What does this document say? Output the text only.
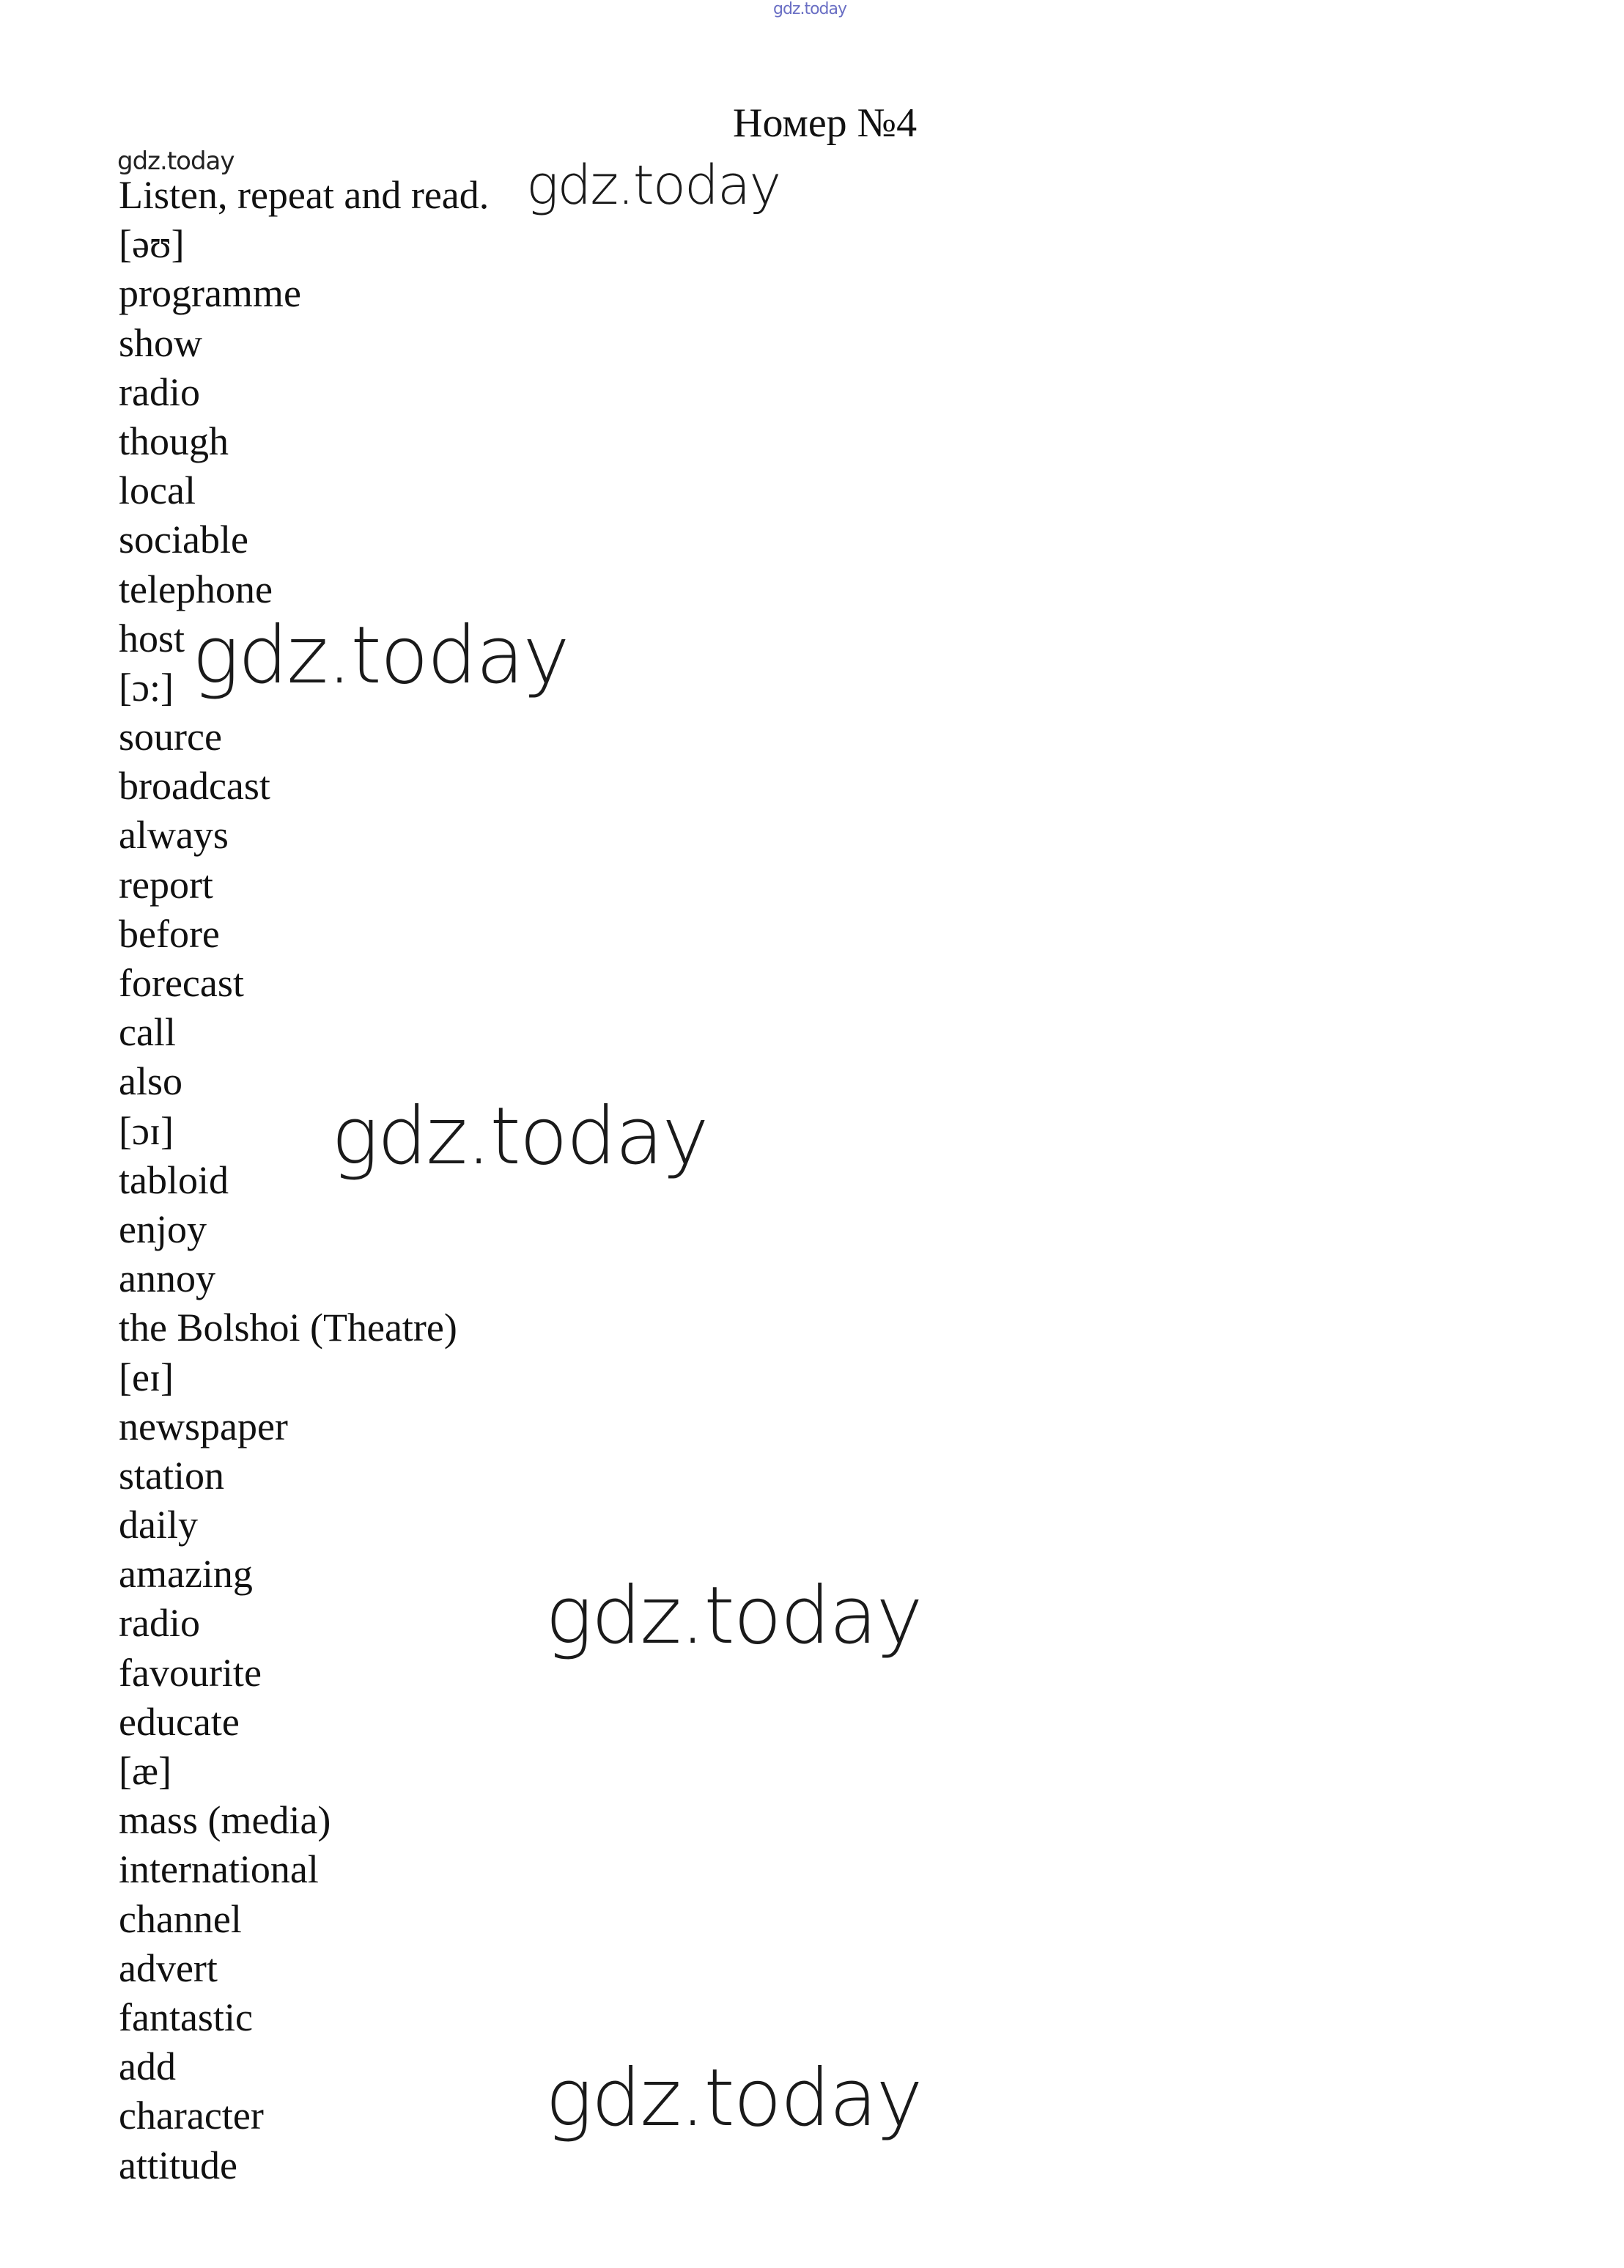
gdz.today
Номер №4
gdz.today
Listen, repeat and read.
[əʊ]
programme
show
radio
though
local
sociable
telephone
host
[ɔ:]
source
broadcast
always
report
before
forecast
call
also
[ɔɪ]
tabloid
enjoy
annoy
the Bolshoi (Theatre)
[eɪ]
newspaper
station
daily
amazing
radio
favourite
educate
[æ]
mass (media)
international
channel
advert
fantastic
add
character
attitude
gdz.today
gdz.today
gdz.today
gdz.today
gdz.today
